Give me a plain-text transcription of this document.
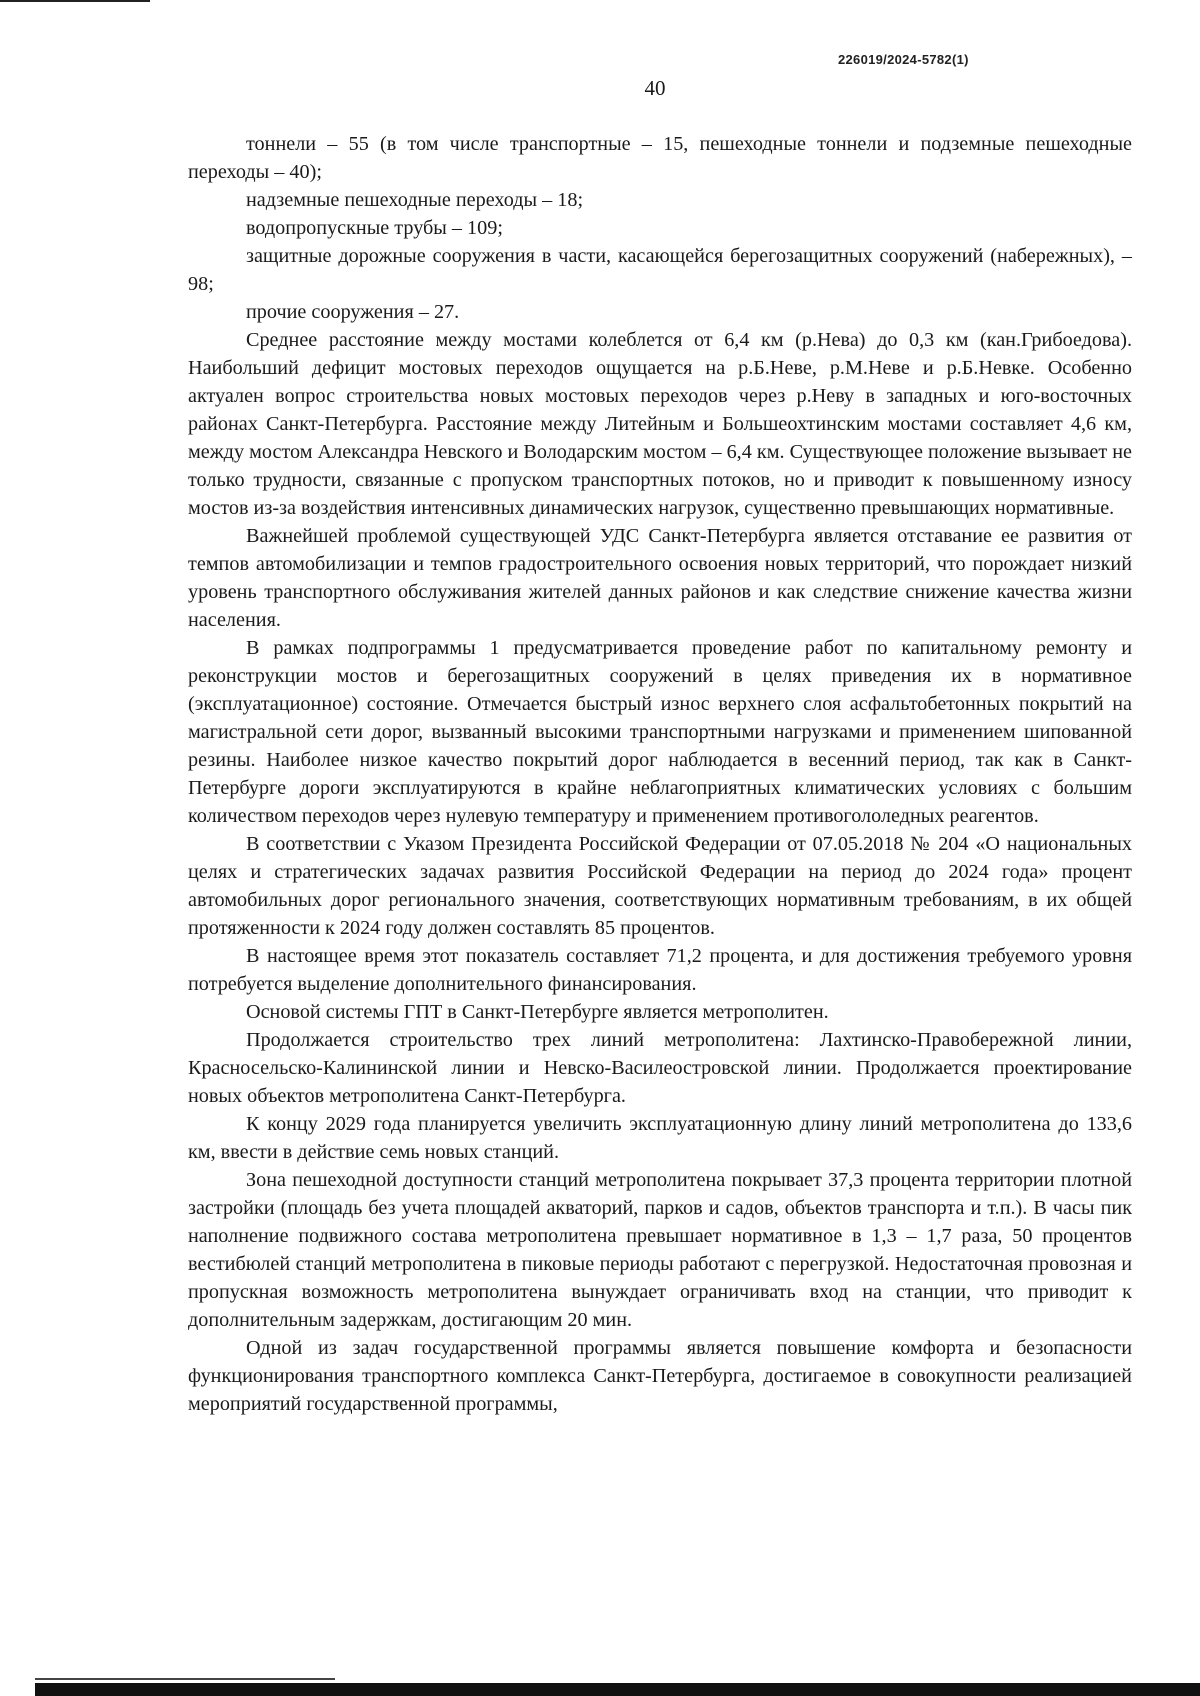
226019/2024-5782(1)
40

тоннели – 55 (в том числе транспортные – 15, пешеходные тоннели и подземные пешеходные переходы – 40);

надземные пешеходные переходы – 18;

водопропускные трубы – 109;

защитные дорожные сооружения в части, касающейся берегозащитных сооружений (набережных), – 98;

прочие сооружения – 27.

Среднее расстояние между мостами колеблется от 6,4 км (р.Нева) до 0,3 км (кан.Грибоедова). Наибольший дефицит мостовых переходов ощущается на р.Б.Неве, р.М.Неве и р.Б.Невке. Особенно актуален вопрос строительства новых мостовых переходов через р.Неву в западных и юго-восточных районах Санкт-Петербурга. Расстояние между Литейным и Большеохтинским мостами составляет 4,6 км, между мостом Александра Невского и Володарским мостом – 6,4 км. Существующее положение вызывает не только трудности, связанные с пропуском транспортных потоков, но и приводит к повышенному износу мостов из-за воздействия интенсивных динамических нагрузок, существенно превышающих нормативные.

Важнейшей проблемой существующей УДС Санкт-Петербурга является отставание ее развития от темпов автомобилизации и темпов градостроительного освоения новых территорий, что порождает низкий уровень транспортного обслуживания жителей данных районов и как следствие снижение качества жизни населения.

В рамках подпрограммы 1 предусматривается проведение работ по капитальному ремонту и реконструкции мостов и берегозащитных сооружений в целях приведения их в нормативное (эксплуатационное) состояние. Отмечается быстрый износ верхнего слоя асфальтобетонных покрытий на магистральной сети дорог, вызванный высокими транспортными нагрузками и применением шипованной резины. Наиболее низкое качество покрытий дорог наблюдается в весенний период, так как в Санкт-Петербурге дороги эксплуатируются в крайне неблагоприятных климатических условиях с большим количеством переходов через нулевую температуру и применением противогололедных реагентов.

В соответствии с Указом Президента Российской Федерации от 07.05.2018 № 204 «О национальных целях и стратегических задачах развития Российской Федерации на период до 2024 года» процент автомобильных дорог регионального значения, соответствующих нормативным требованиям, в их общей протяженности к 2024 году должен составлять 85 процентов.

В настоящее время этот показатель составляет 71,2 процента, и для достижения требуемого уровня потребуется выделение дополнительного финансирования.

Основой системы ГПТ в Санкт-Петербурге является метрополитен.

Продолжается строительство трех линий метрополитена: Лахтинско-Правобережной линии, Красносельско-Калининской линии и Невско-Василеостровской линии. Продолжается проектирование новых объектов метрополитена Санкт-Петербурга.

К концу 2029 года планируется увеличить эксплуатационную длину линий метрополитена до 133,6 км, ввести в действие семь новых станций.

Зона пешеходной доступности станций метрополитена покрывает 37,3 процента территории плотной застройки (площадь без учета площадей акваторий, парков и садов, объектов транспорта и т.п.). В часы пик наполнение подвижного состава метрополитена превышает нормативное в 1,3 – 1,7 раза, 50 процентов вестибюлей станций метрополитена в пиковые периоды работают с перегрузкой. Недостаточная провозная и пропускная возможность метрополитена вынуждает ограничивать вход на станции, что приводит к дополнительным задержкам, достигающим 20 мин.

Одной из задач государственной программы является повышение комфорта и безопасности функционирования транспортного комплекса Санкт-Петербурга, достигаемое в совокупности реализацией мероприятий государственной программы,
